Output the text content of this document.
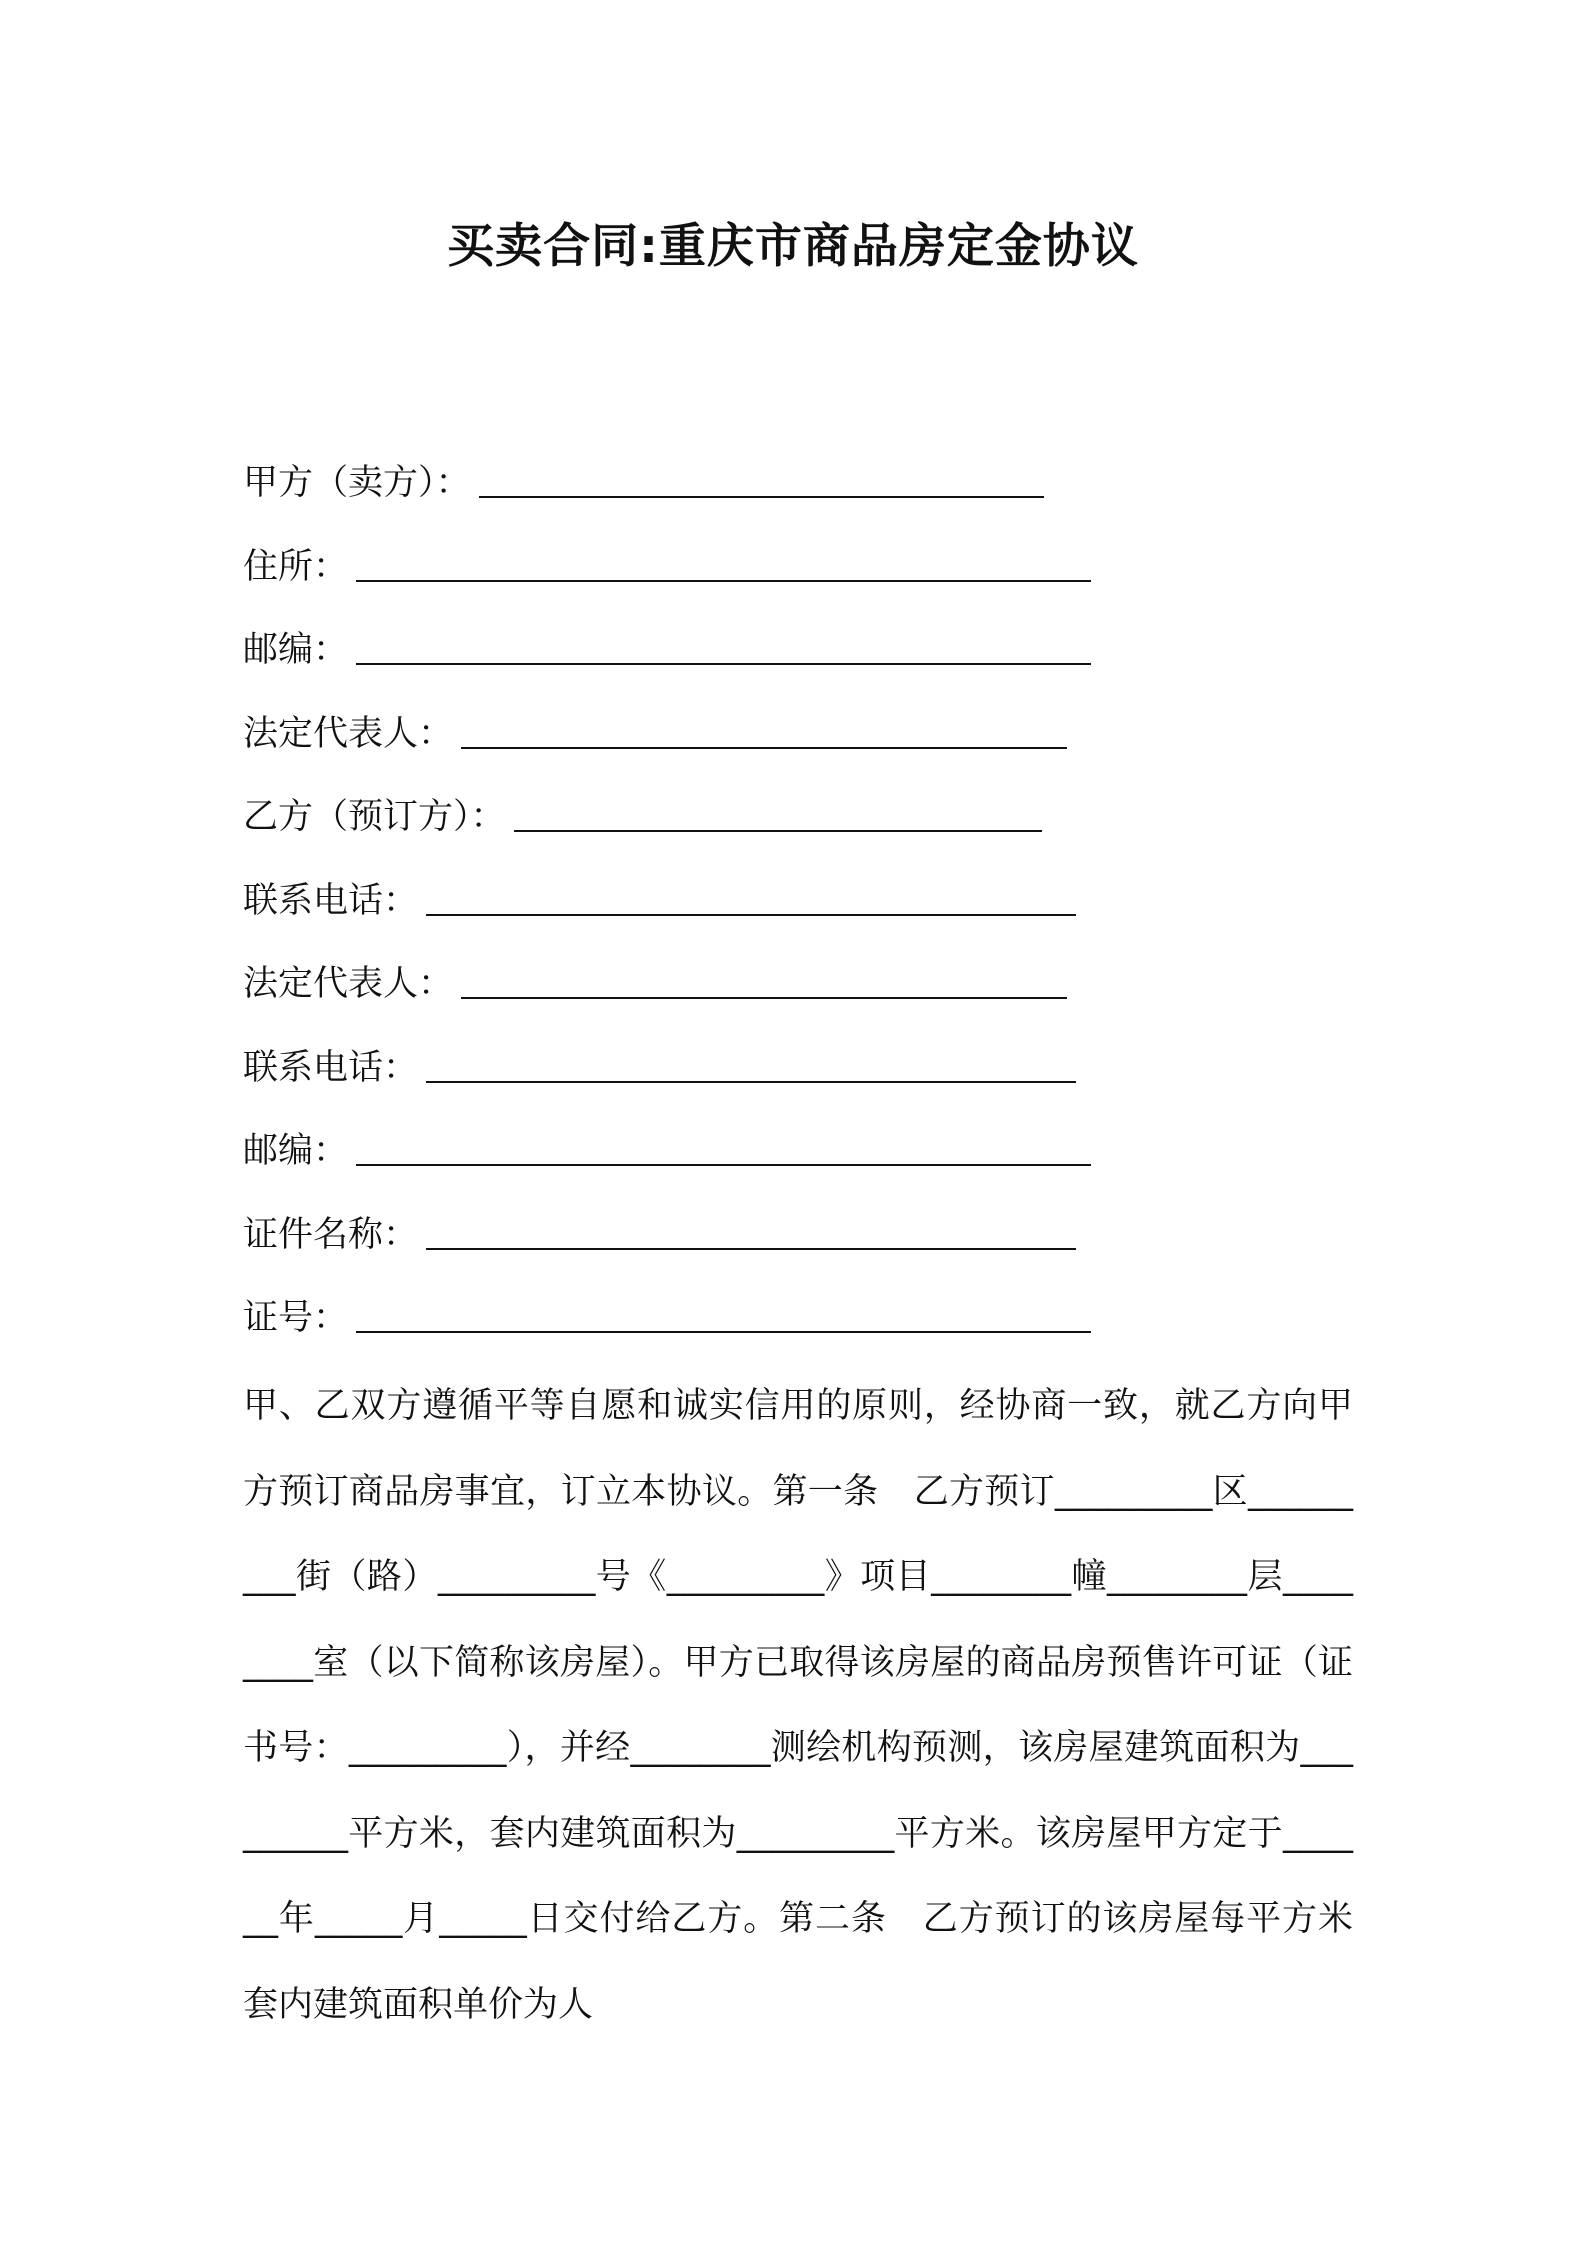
买卖合同:重庆市商品房定金协议
甲方（卖方）：
住所：
邮编：
法定代表人：
乙方（预订方）：
联系电话：
法定代表人：
联系电话：
邮编：
证件名称：
证号：

甲、乙双方遵循平等自愿和诚实信用的原则，经协商一致，就乙方向甲方预订商品房事宜，订立本协议。第一条　乙方预订_________区_________街（路）_________号《_________》项目________幢________层________室（以下简称该房屋）。甲方已取得该房屋的商品房预售许可证（证书号：_________），并经________测绘机构预测，该房屋建筑面积为_________平方米，套内建筑面积为_________平方米。该房屋甲方定于______年_____月_____日交付给乙方。第二条　乙方预订的该房屋每平方米套内建筑面积单价为人
